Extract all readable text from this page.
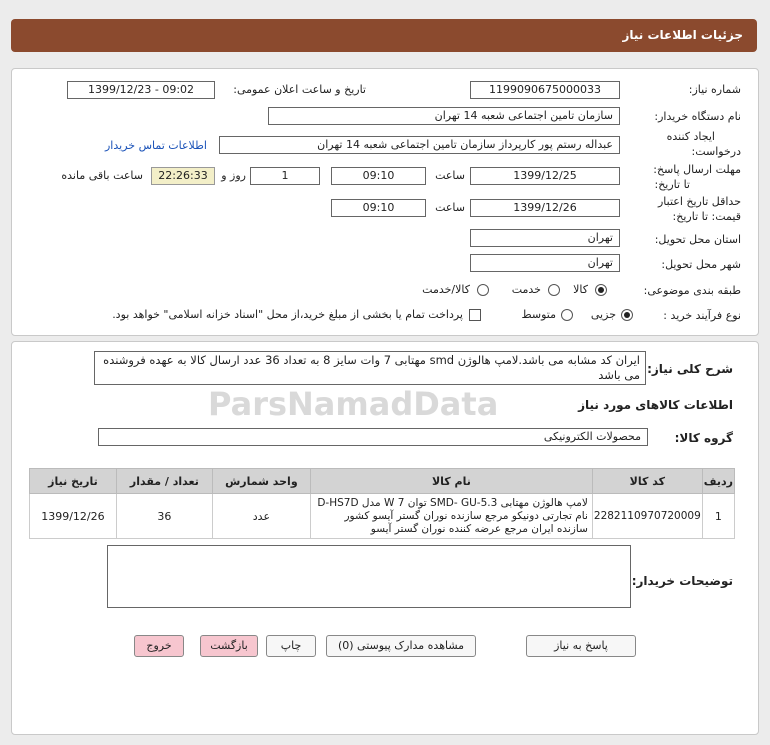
جزئیات اطلاعات نیاز
شماره نیاز:
1199090675000033
تاریخ و ساعت اعلان عمومی:
1399/12/23 - 09:02
نام دستگاه خریدار:
سازمان تامین اجتماعی شعبه 14 تهران
ایجاد کننده
درخواست:
عبداله رستم پور کارپرداز سازمان تامین اجتماعی شعبه 14 تهران
اطلاعات تماس خریدار
مهلت ارسال پاسخ:
تا تاریخ:
1399/12/25
ساعت
09:10
1
روز و
22:26:33
ساعت باقی مانده
حداقل تاریخ اعتبار
قیمت: تا تاریخ:
1399/12/26
ساعت
09:10
استان محل تحویل:
تهران
شهر محل تحویل:
تهران
طبقه بندی موضوعی:
کالا
خدمت
کالا/خدمت
نوع فرآیند خرید :
جزیی
متوسط
پرداخت تمام یا بخشی از مبلغ خرید،از محل "اسناد خزانه اسلامی" خواهد بود.
شرح کلی نیاز:
ایران کد مشابه می باشد.لامپ هالوژن smd مهتابی 7 وات سایز 8 به تعداد 36 عدد ارسال کالا به عهده فروشنده می باشد
اطلاعات کالاهای مورد نیاز
گروه کالا:
محصولات الکترونیکی
ردیف	کد کالا	نام کالا	واحد شمارش	تعداد / مقدار	تاریخ نیاز
1	2282110970720009	لامپ هالوژن مهتابی SMD- GU-5.3 توان W 7 مدل D-HS7D
نام تجارتی دونیکو مرجع سازنده نوران گستر آیسو کشور
سازنده ایران مرجع عرضه کننده نوران گستر آیسو	عدد	36	1399/12/26
توضیحات خریدار:
پاسخ به نیاز
مشاهده مدارک پیوستی (0)
چاپ
بازگشت
خروج
ParsNamadData
